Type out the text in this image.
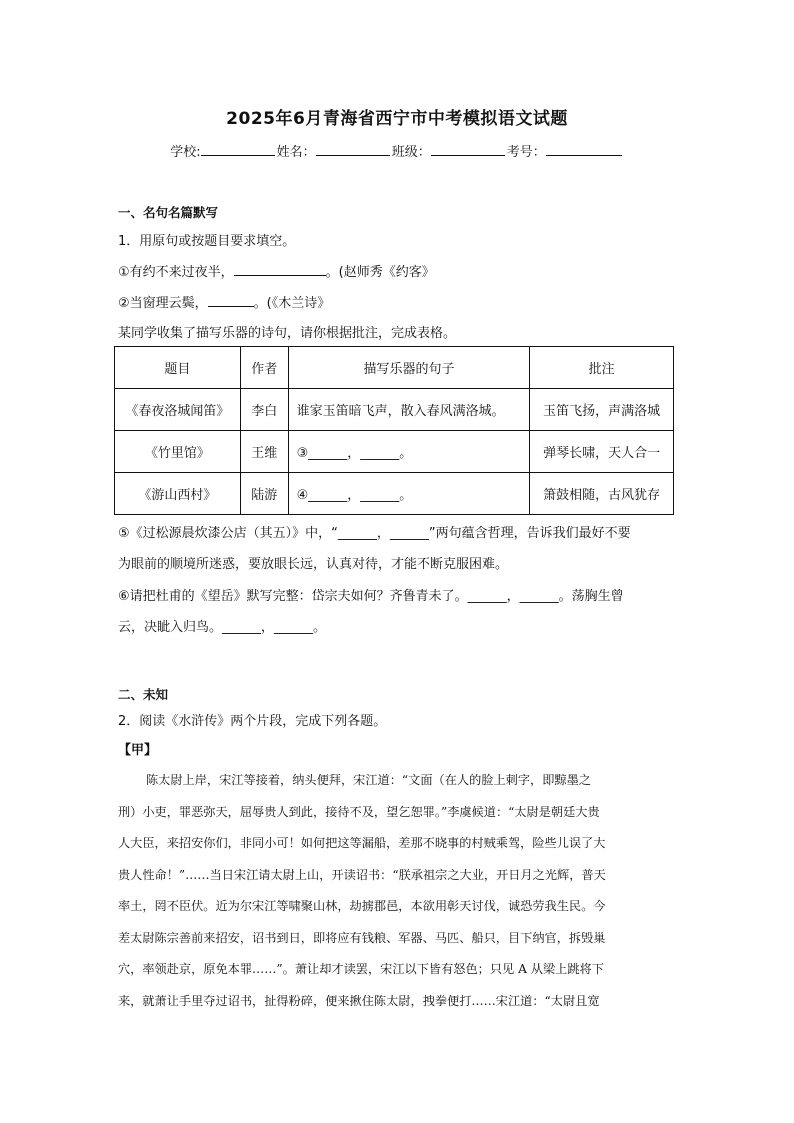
2025年6月青海省西宁市中考模拟语文试题
学校:	姓名：	班级：	考号：
一、名句名篇默写
1．用原句或按题目要求填空。
①有约不来过夜半，	。(赵师秀《约客》
②当窗理云鬓，	。(《木兰诗》
某同学收集了描写乐器的诗句，请你根据批注，完成表格。
题目	作者	描写乐器的句子	批注
《春夜洛城闻笛》	李白	谁家玉笛暗飞声，散入春风满洛城。	玉笛飞扬，声满洛城
《竹里馆》	王维	③______，______。	弹琴长啸，天人合一
《游山西村》	陆游	④______，______。	箫鼓相随，古风犹存
⑤《过松源晨炊漆公店（其五）》中，“______，______”两句蕴含哲理，告诉我们最好不要
为眼前的顺境所迷惑，要放眼长远，认真对待，才能不断克服困难。
⑥请把杜甫的《望岳》默写完整：岱宗夫如何？齐鲁青未了。______，______。荡胸生曾
云，决眦入归鸟。______，______。
二、未知
2．阅读《水浒传》两个片段，完成下列各题。
【甲】
陈太尉上岸，宋江等接着，纳头便拜，宋江道：“文面（在人的脸上刺字，即黥墨之
刑）小吏，罪恶弥天，屈辱贵人到此，接待不及，望乞恕罪。”李虞候道：“太尉是朝廷大贵
人大臣，来招安你们，非同小可！如何把这等漏船，差那不晓事的村贼乘驾，险些儿误了大
贵人性命！”……当日宋江请太尉上山，开读诏书：“朕承祖宗之大业，开日月之光辉，普天
率土，罔不臣伏。近为尔宋江等啸聚山林，劫掳郡邑，本欲用彰天讨伐，诚恐劳我生民。今
差太尉陈宗善前来招安，诏书到日，即将应有钱粮、军器、马匹、船只，目下纳官，拆毁巢
穴，率领赴京，原免本罪……”。萧让却才读罢，宋江以下皆有怒色；只见 A 从梁上跳将下
来，就萧让手里夺过诏书，扯得粉碎，便来揪住陈太尉，拽拳便打……宋江道：“太尉且宽
